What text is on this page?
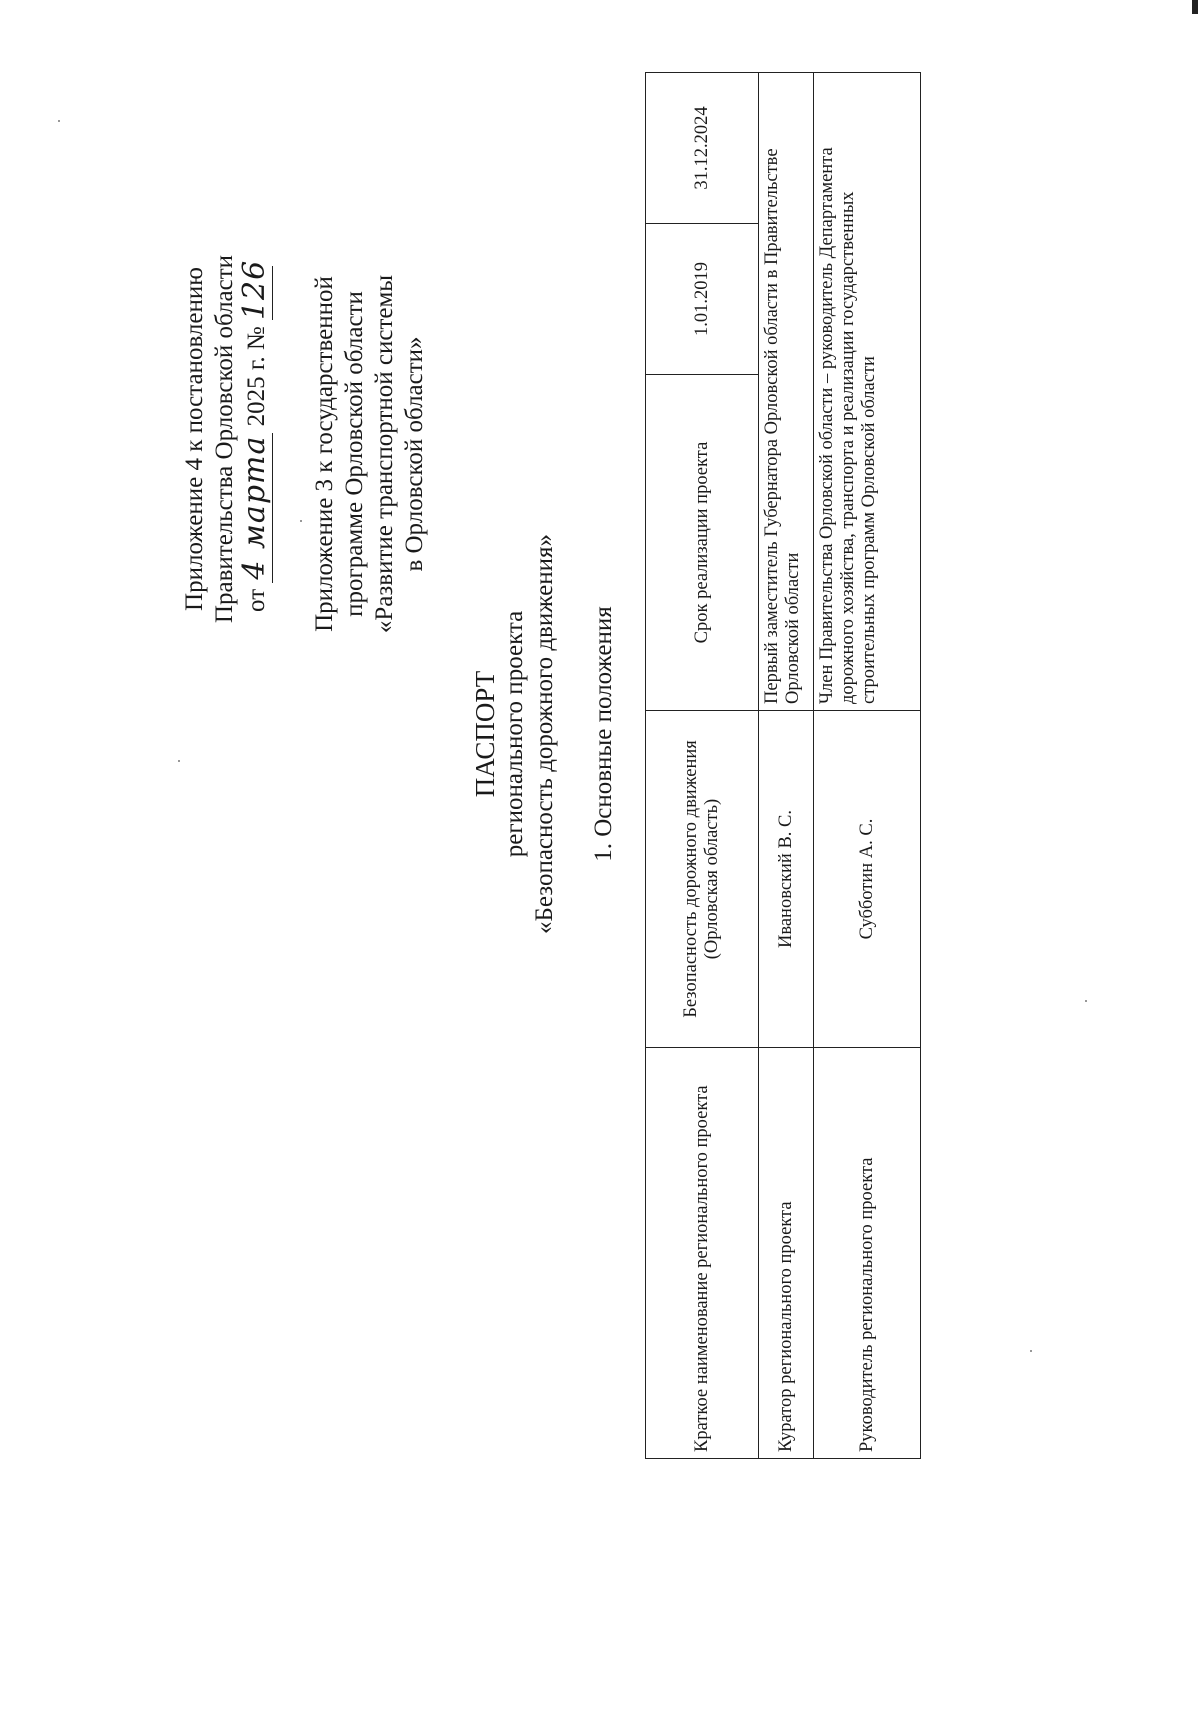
Приложение 4 к постановлению Правительства Орловской области от 4 марта 2025 г. № 126 Приложение 3 к государственной программе Орловской области «Развитие транспортной системы в Орловской области»
ПАСПОРТ регионального проекта «Безопасность дорожного движения» 1. Основные положения
Краткое наименование регионального проекта	Безопасность дорожного движения (Орловская область)	Срок реализации проекта	1.01.2019	31.12.2024
Куратор регионального проекта	Ивановский В. С.	Первый заместитель Губернатора Орловской области в Правительстве Орловской области		
Руководитель регионального проекта	Субботин А. С.	Член Правительства Орловской области – руководитель Департамента дорожного хозяйства, транспорта и реализации государственных строительных программ Орловской области		
